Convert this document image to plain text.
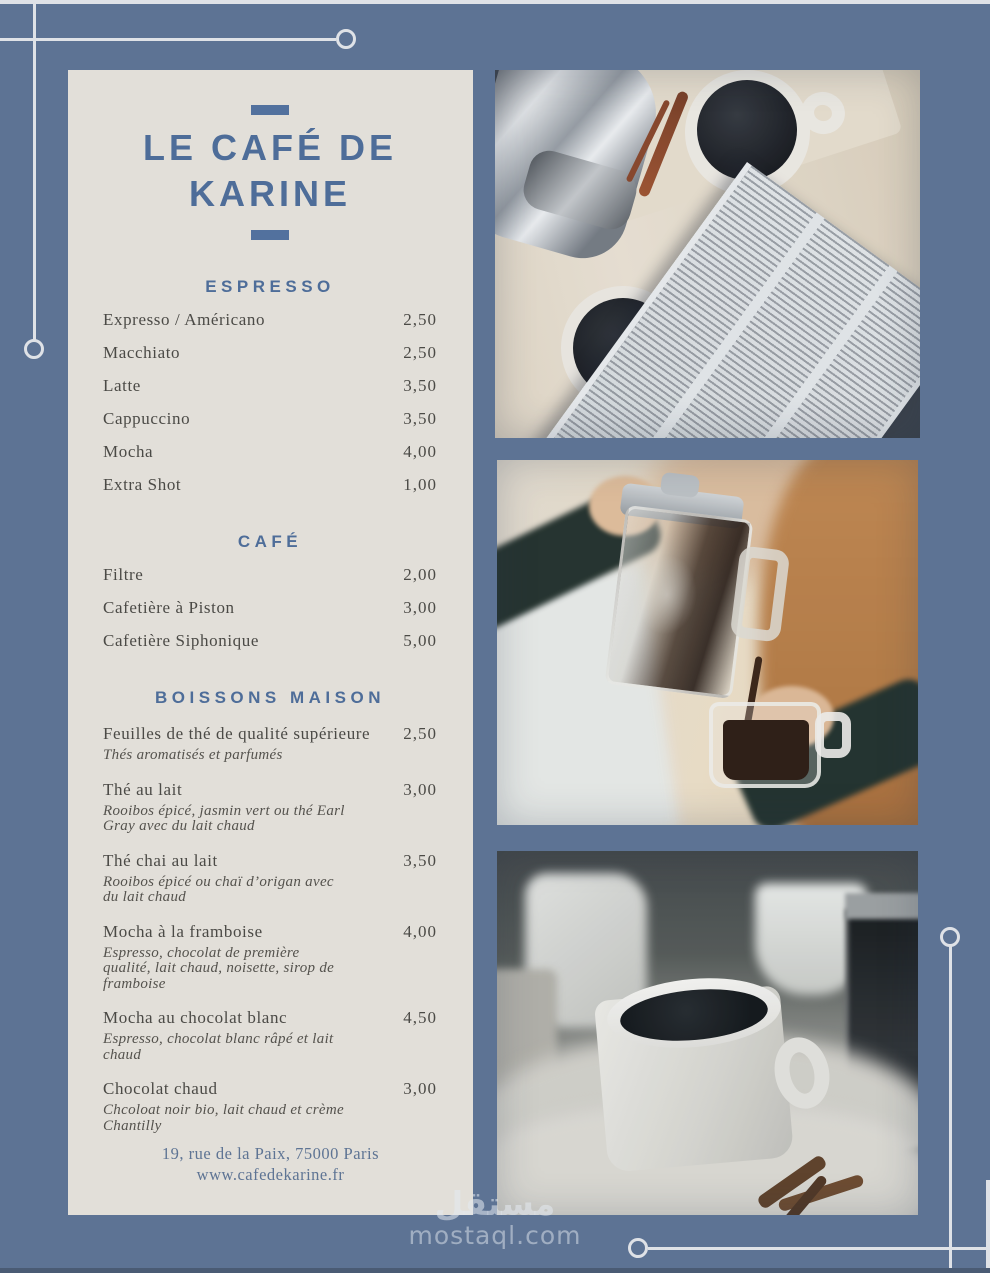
LE CAFÉ DE
KARINE
ESPRESSO
Expresso / Américano	2,50
Macchiato	2,50
Latte	3,50
Cappuccino	3,50
Mocha	4,00
Extra Shot	1,00
CAFÉ
Filtre	2,00
Cafetière à Piston	3,00
Cafetière Siphonique	5,00
BOISSONS MAISON
Feuilles de thé de qualité supérieure 2,50

Thés aromatisés et parfumés

Thé au lait	3,00

Rooibos épicé, jasmin vert ou thé Earl Gray avec du lait chaud

Thé chai au lait	3,50

Rooibos épicé ou chaï d’origan avec du lait chaud

Mocha à la framboise	4,00

Espresso, chocolat de première qualité, lait chaud, noisette, sirop de framboise

Mocha au chocolat blanc	4,50

Espresso, chocolat blanc râpé et lait chaud

Chocolat chaud	3,00

Chcoloat noir bio, lait chaud et crème Chantilly

19, rue de la Paix, 75000 Paris
www.cafedekarine.fr
مستقل
mostaql.com
